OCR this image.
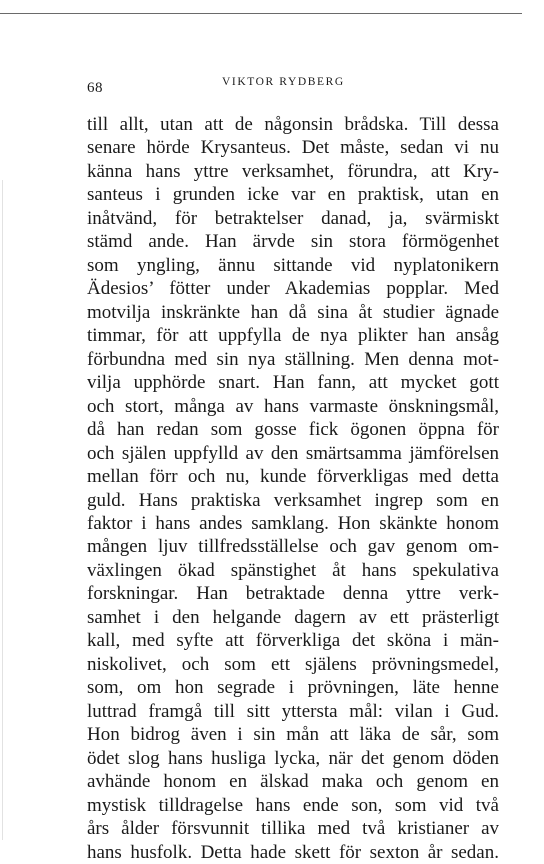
68	VIKTOR RYDBERG
till allt, utan att de någonsin brådska. Till dessa
senare hörde Krysanteus. Det måste, sedan vi nu
känna hans yttre verksamhet, förundra, att Kry-
santeus i grunden icke var en praktisk, utan en
inåtvänd, för betraktelser danad, ja, svärmiskt
stämd ande. Han ärvde sin stora förmögenhet
som yngling, ännu sittande vid nyplatonikern
Ädesios’ fötter under Akademias popplar. Med
motvilja inskränkte han då sina åt studier ägnade
timmar, för att uppfylla de nya plikter han ansåg
förbundna med sin nya ställning. Men denna mot-
vilja upphörde snart. Han fann, att mycket gott
och stort, många av hans varmaste önskningsmål,
då han redan som gosse fick ögonen öppna för
och själen uppfylld av den smärtsamma jämförelsen
mellan förr och nu, kunde förverkligas med detta
guld. Hans praktiska verksamhet ingrep som en
faktor i hans andes samklang. Hon skänkte honom
mången ljuv tillfredsställelse och gav genom om-
växlingen ökad spänstighet åt hans spekulativa
forskningar. Han betraktade denna yttre verk-
samhet i den helgande dagern av ett prästerligt
kall, med syfte att förverkliga det sköna i män-
niskolivet, och som ett själens prövningsmedel,
som, om hon segrade i prövningen, läte henne
luttrad framgå till sitt yttersta mål: vilan i Gud.
Hon bidrog även i sin mån att läka de sår, som
ödet slog hans husliga lycka, när det genom döden
avhände honom en älskad maka och genom en
mystisk tilldragelse hans ende son, som vid två
års ålder försvunnit tillika med två kristianer av
hans husfolk. Detta hade skett för sexton år sedan.
